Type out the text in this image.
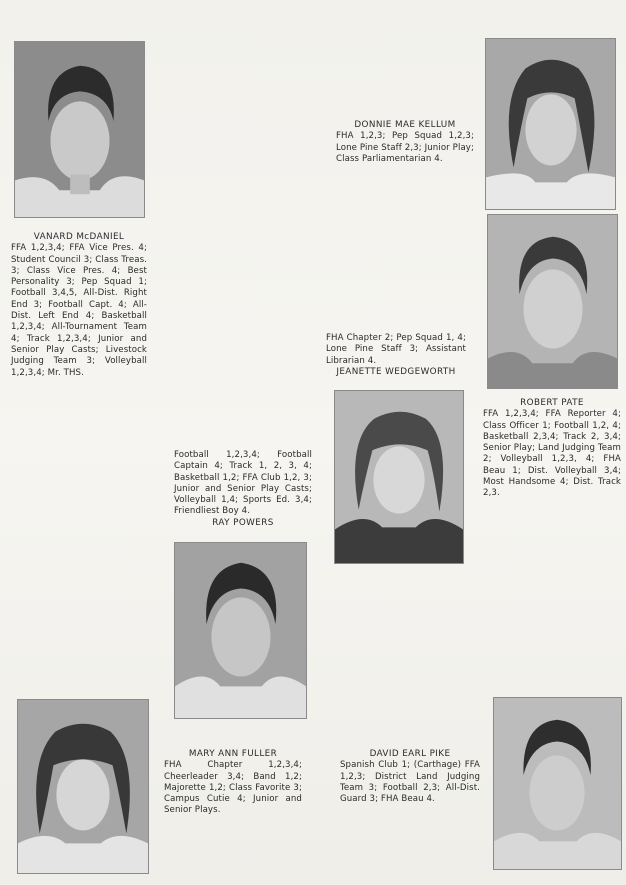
VANARD McDANIEL
FFA 1,2,3,4; FFA Vice Pres. 4; Student Council 3; Class Treas. 3; Class Vice Pres. 4; Best Personality 3; Pep Squad 1; Football 3,4,5, All-Dist. Right End 3; Football Capt. 4; All-Dist. Left End 4; Basketball 1,2,3,4; All-Tournament Team 4; Track 1,2,3,4; Junior and Senior Play Casts; Livestock Judging Team 3; Volleyball 1,2,3,4; Mr. THS.
DONNIE MAE KELLUM
FHA 1,2,3; Pep Squad 1,2,3; Lone Pine Staff 2,3; Junior Play; Class Parliamentarian 4.
FHA Chapter 2; Pep Squad 1, 4; Lone Pine Staff 3; Assistant Librarian 4.
JEANETTE WEDGEWORTH
ROBERT PATE
FFA 1,2,3,4; FFA Reporter 4; Class Officer 1; Football 1,2, 4; Basketball 2,3,4; Track 2, 3,4; Senior Play; Land Judging Team 2; Volleyball 1,2,3, 4; FHA Beau 1; Dist. Volleyball 3,4; Most Handsome 4; Dist. Track 2,3.
Football 1,2,3,4; Football Captain 4; Track 1, 2, 3, 4; Basketball 1,2; FFA Club 1,2, 3; Junior and Senior Play Casts; Volleyball 1,4; Sports Ed. 3,4; Friendliest Boy 4.
RAY POWERS
MARY ANN FULLER
FHA Chapter 1,2,3,4; Cheerleader 3,4; Band 1,2; Majorette 1,2; Class Favorite 3; Campus Cutie 4; Junior and Senior Plays.
DAVID EARL PIKE
Spanish Club 1; (Carthage) FFA 1,2,3; District Land Judging Team 3; Football 2,3; All-Dist. Guard 3; FHA Beau 4.
